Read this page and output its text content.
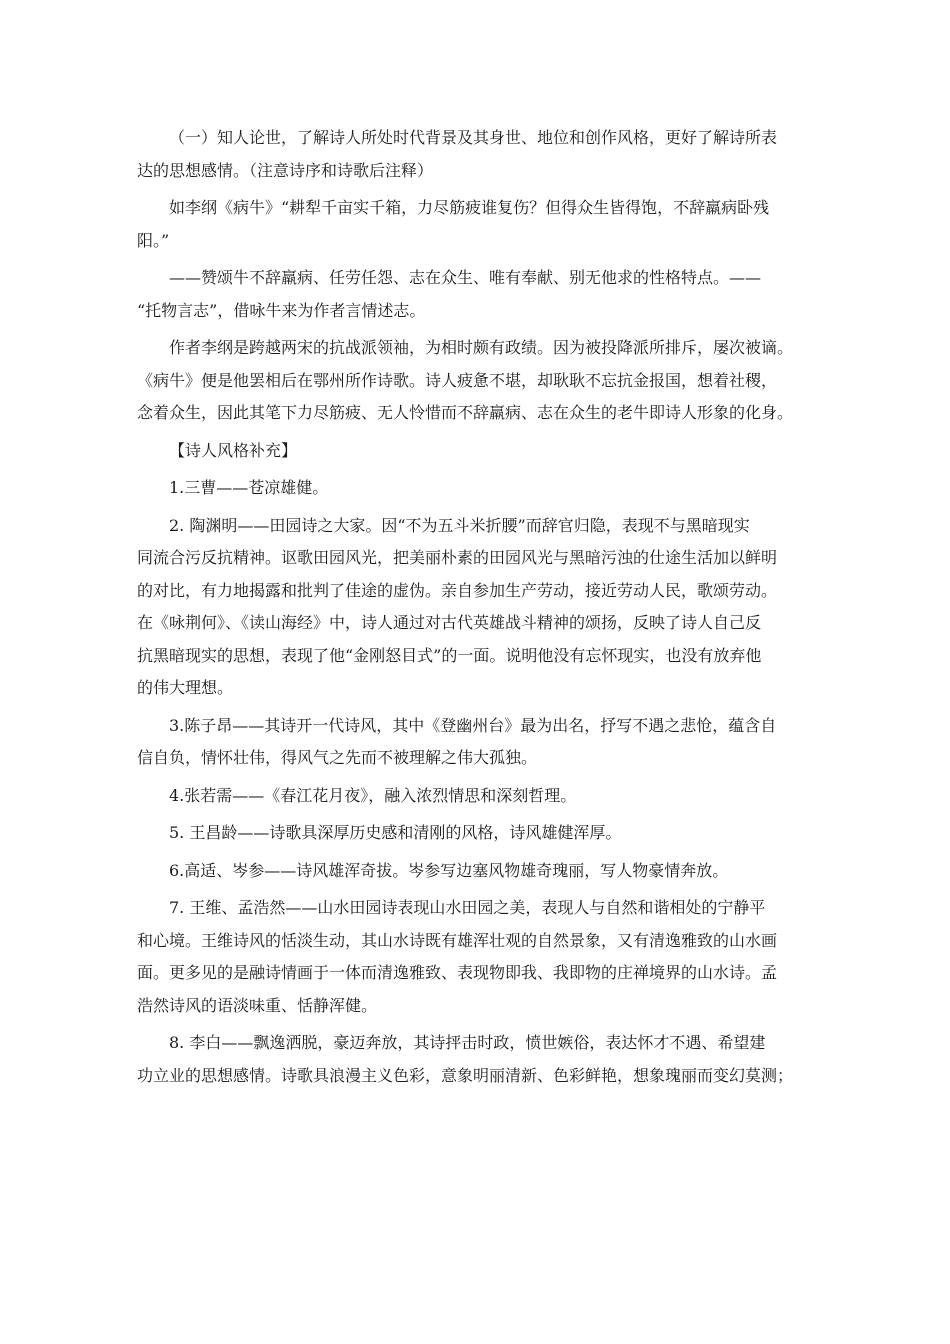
（一）知人论世，了解诗人所处时代背景及其身世、地位和创作风格，更好了解诗所表
达的思想感情。（注意诗序和诗歌后注释）
如李纲《病牛》“耕犁千亩实千箱，力尽筋疲谁复伤？但得众生皆得饱，不辞羸病卧残
阳。”
——赞颂牛不辞羸病、任劳任怨、志在众生、唯有奉献、别无他求的性格特点。——
“托物言志”，借咏牛来为作者言情述志。
作者李纲是跨越两宋的抗战派领袖，为相时颇有政绩。因为被投降派所排斥，屡次被谪。
《病牛》便是他罢相后在鄂州所作诗歌。诗人疲惫不堪，却耿耿不忘抗金报国，想着社稷，
念着众生，因此其笔下力尽筋疲、无人怜惜而不辞羸病、志在众生的老牛即诗人形象的化身。
【诗人风格补充】
1.三曹——苍凉雄健。
2. 陶渊明——田园诗之大家。因“不为五斗米折腰”而辞官归隐，表现不与黑暗现实
同流合污反抗精神。讴歌田园风光，把美丽朴素的田园风光与黑暗污浊的仕途生活加以鲜明
的对比，有力地揭露和批判了佳途的虚伪。亲自参加生产劳动，接近劳动人民，歌颂劳动。
在《咏荆何》、《读山海经》中，诗人通过对古代英雄战斗精神的颂扬，反映了诗人自己反
抗黑暗现实的思想，表现了他“金刚怒目式”的一面。说明他没有忘怀现实，也没有放弃他
的伟大理想。
3.陈子昂——其诗开一代诗风，其中《登幽州台》最为出名，抒写不遇之悲怆，蕴含自
信自负，情怀壮伟，得风气之先而不被理解之伟大孤独。
4.张若需——《春江花月夜》，融入浓烈情思和深刻哲理。
5. 王昌龄——诗歌具深厚历史感和清刚的风格，诗风雄健浑厚。
6.高适、岑参——诗风雄浑奇拔。岑参写边塞风物雄奇瑰丽，写人物豪情奔放。
7. 王维、孟浩然——山水田园诗表现山水田园之美，表现人与自然和谐相处的宁静平
和心境。王维诗风的恬淡生动，其山水诗既有雄浑壮观的自然景象，又有清逸雅致的山水画
面。更多见的是融诗情画于一体而清逸雅致、表现物即我、我即物的庄禅境界的山水诗。孟
浩然诗风的语淡味重、恬静浑健。
8. 李白——飘逸洒脱，豪迈奔放，其诗抨击时政，愤世嫉俗，表达怀才不遇、希望建
功立业的思想感情。诗歌具浪漫主义色彩，意象明丽清新、色彩鲜艳，想象瑰丽而变幻莫测；
